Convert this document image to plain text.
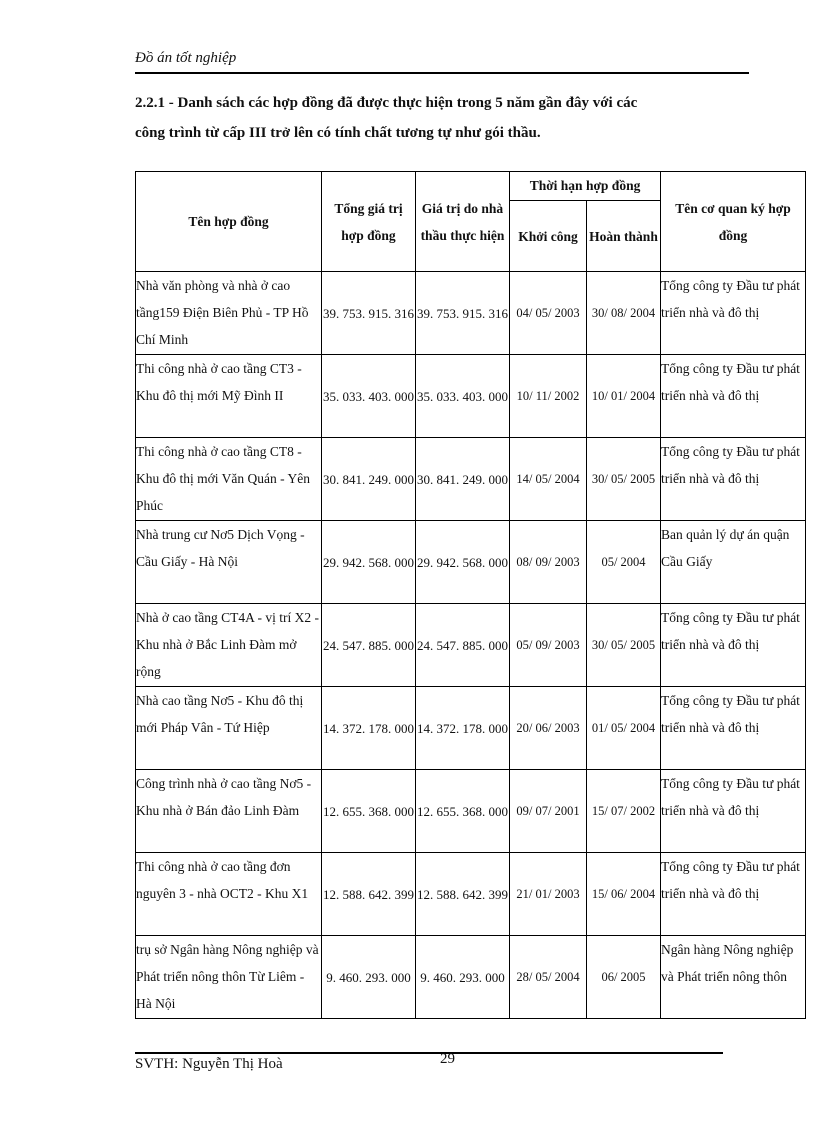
Đồ án tốt nghiệp
2.2.1 - Danh sách các hợp đồng đã được thực hiện trong 5 năm gần đây với các
công trình từ cấp III trở lên có tính chất tương tự như gói thầu.
Tên hợp đồng	Tổng giá trị hợp đồng	Giá trị do nhà thầu thực hiện	Thời hạn hợp đồng		Tên cơ quan ký hợp đồng
			Khởi công	Hoàn thành	
Nhà văn phòng và nhà ở cao tầng159 Điện Biên Phủ - TP Hồ Chí Minh	39. 753. 915. 316	39. 753. 915. 316	04/ 05/ 2003	30/ 08/ 2004	Tổng công ty Đầu tư phát triển nhà và đô thị
Thi công nhà ở cao tầng CT3 - Khu đô thị mới Mỹ Đình II	35. 033. 403. 000	35. 033. 403. 000	10/ 11/ 2002	10/ 01/ 2004	Tổng công ty Đầu tư phát triển nhà và đô thị
Thi công nhà ở cao tầng CT8 - Khu đô thị mới Văn Quán - Yên Phúc	30. 841. 249. 000	30. 841. 249. 000	14/ 05/ 2004	30/ 05/ 2005	Tổng công ty Đầu tư phát triển nhà và đô thị
Nhà trung cư Nơ5 Dịch Vọng - Cầu Giấy - Hà Nội	29. 942. 568. 000	29. 942. 568. 000	08/ 09/ 2003	05/ 2004	Ban quản lý dự án quận Cầu Giấy
Nhà ở cao tầng CT4A - vị trí X2 - Khu nhà ở Bắc Linh Đàm mở rộng	24. 547. 885. 000	24. 547. 885. 000	05/ 09/ 2003	30/ 05/ 2005	Tổng công ty Đầu tư phát triển nhà và đô thị
Nhà cao tầng Nơ5 - Khu đô thị mới Pháp Vân - Tứ Hiệp	14. 372. 178. 000	14. 372. 178. 000	20/ 06/ 2003	01/ 05/ 2004	Tổng công ty Đầu tư phát triển nhà và đô thị
Công trình nhà ở cao tầng Nơ5 - Khu nhà ở Bán đảo Linh Đàm	12. 655. 368. 000	12. 655. 368. 000	09/ 07/ 2001	15/ 07/ 2002	Tổng công ty Đầu tư phát triển nhà và đô thị
Thi công nhà ở cao tầng đơn nguyên 3 - nhà OCT2 - Khu X1	12. 588. 642. 399	12. 588. 642. 399	21/ 01/ 2003	15/ 06/ 2004	Tổng công ty Đầu tư phát triển nhà và đô thị
trụ sở Ngân hàng Nông nghiệp và Phát triển nông thôn Từ Liêm - Hà Nội	9. 460. 293. 000	9. 460. 293. 000	28/ 05/ 2004	06/ 2005	Ngân hàng Nông nghiệp và Phát triển nông thôn
SVTH: Nguyễn Thị Hoà	29
